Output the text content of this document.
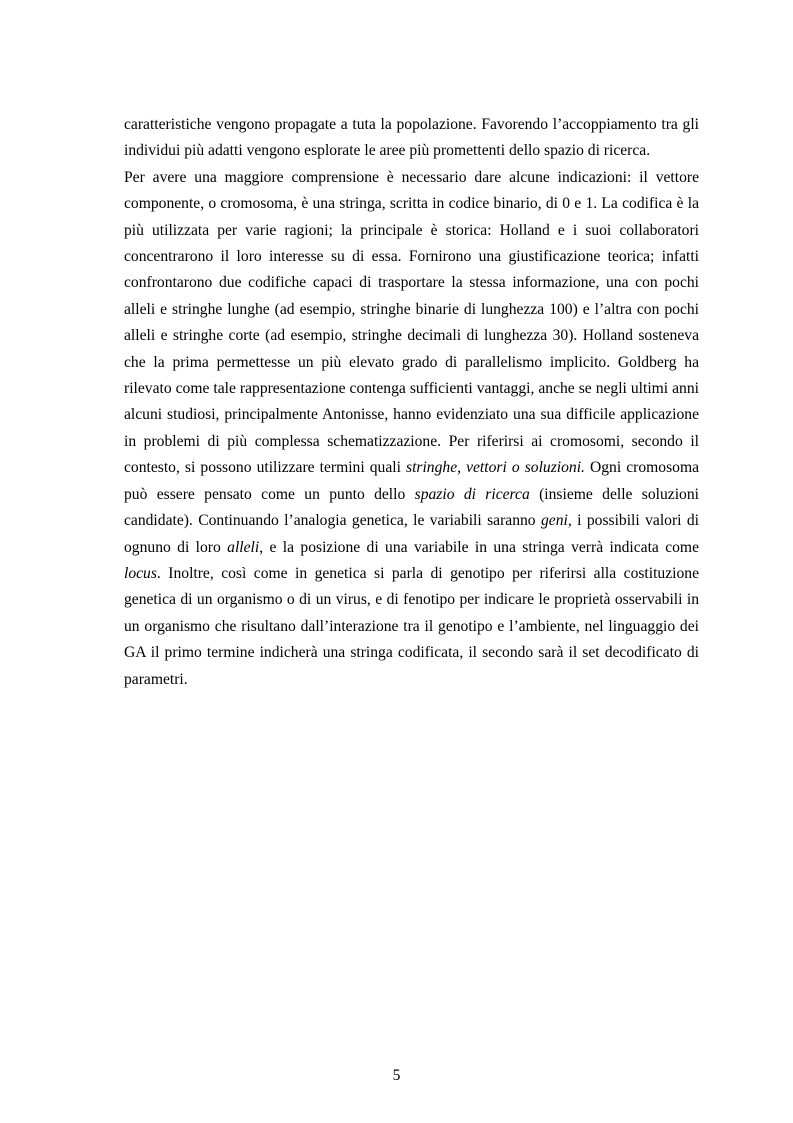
caratteristiche vengono propagate a tuta la popolazione. Favorendo l’accoppiamento tra gli individui più adatti vengono esplorate le aree più promettenti dello spazio di ricerca.

Per avere una maggiore comprensione è necessario dare alcune indicazioni: il vettore componente, o cromosoma, è una stringa, scritta in codice binario, di 0 e 1. La codifica è la più utilizzata per varie ragioni; la principale è storica: Holland e i suoi collaboratori concentrarono il loro interesse su di essa. Fornirono una giustificazione teorica; infatti confrontarono due codifiche capaci di trasportare la stessa informazione, una con pochi alleli e stringhe lunghe (ad esempio, stringhe binarie di lunghezza 100) e l’altra con pochi alleli e stringhe corte (ad esempio, stringhe decimali di lunghezza 30). Holland sosteneva che la prima permettesse un più elevato grado di parallelismo implicito. Goldberg ha rilevato come tale rappresentazione contenga sufficienti vantaggi, anche se negli ultimi anni alcuni studiosi, principalmente Antonisse, hanno evidenziato una sua difficile applicazione in problemi di più complessa schematizzazione. Per riferirsi ai cromosomi, secondo il contesto, si possono utilizzare termini quali stringhe, vettori o soluzioni. Ogni cromosoma può essere pensato come un punto dello spazio di ricerca (insieme delle soluzioni candidate). Continuando l’analogia genetica, le variabili saranno geni, i possibili valori di ognuno di loro alleli, e la posizione di una variabile in una stringa verrà indicata come locus. Inoltre, così come in genetica si parla di genotipo per riferirsi alla costituzione genetica di un organismo o di un virus, e di fenotipo per indicare le proprietà osservabili in un organismo che risultano dall’interazione tra il genotipo e l’ambiente, nel linguaggio dei GA il primo termine indicherà una stringa codificata, il secondo sarà il set decodificato di parametri.

5
